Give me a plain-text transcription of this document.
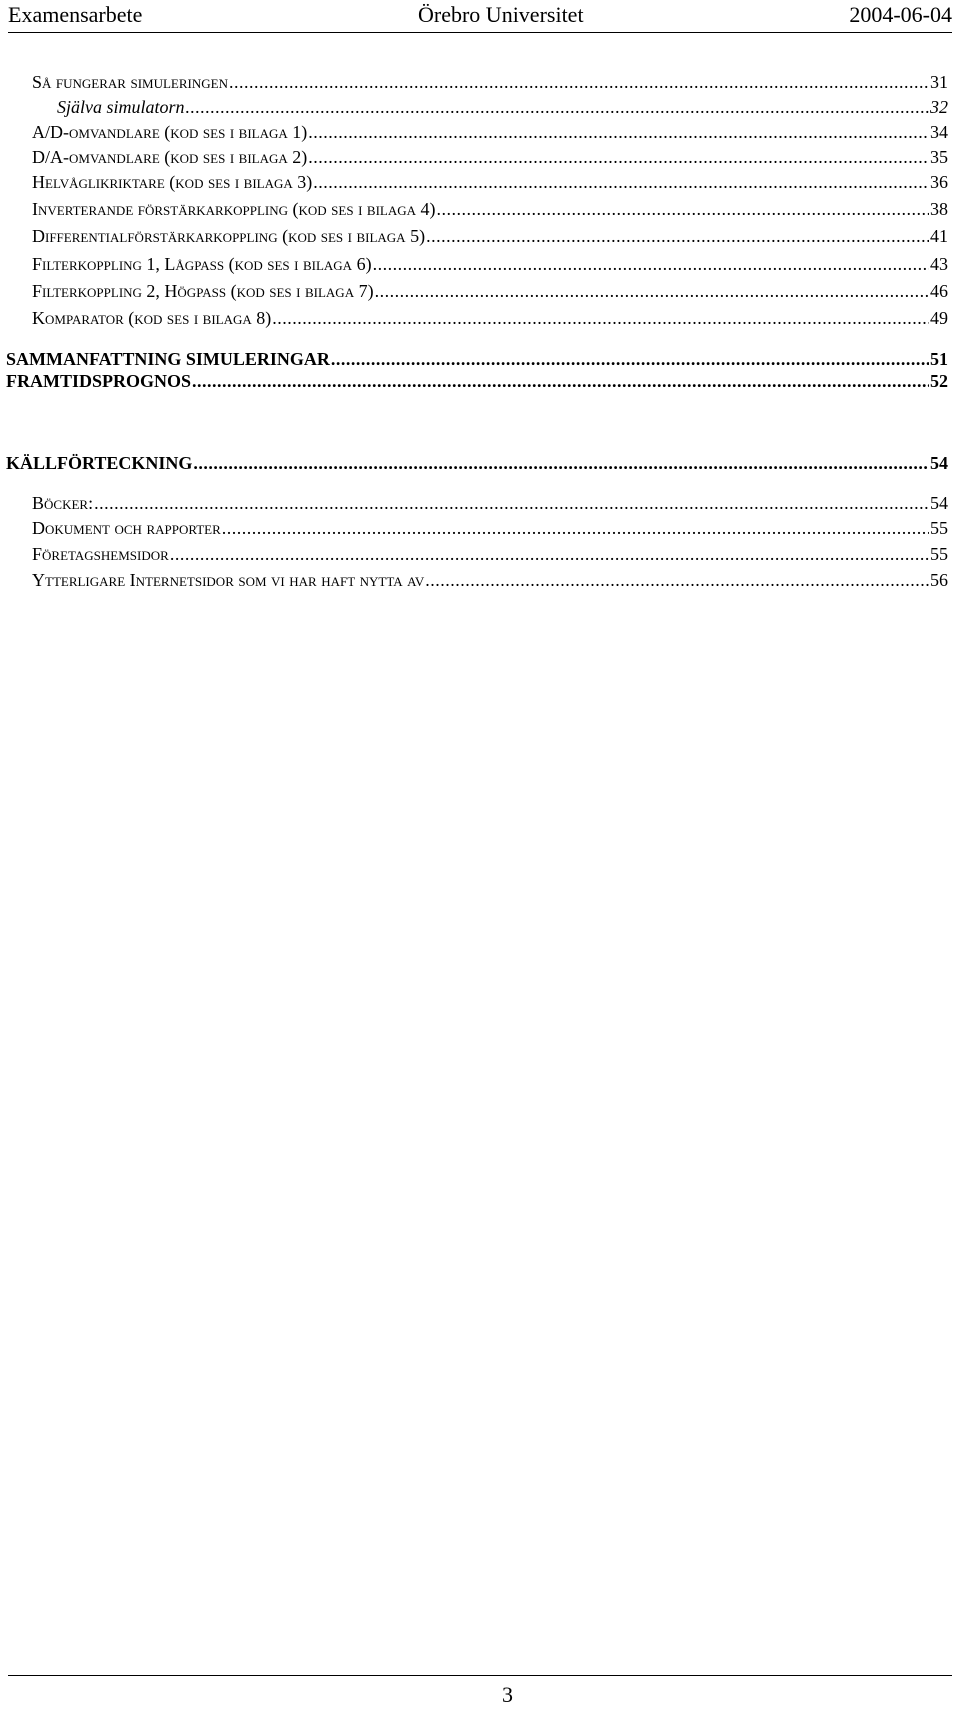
Examensarbete	Örebro Universitet	2004-06-04
Så fungerar simuleringen .....	31
Själva simulatorn .....	32
A/D-omvandlare (kod ses i bilaga 1) .....	34
D/A-omvandlare (kod ses i bilaga 2) .....	35
Helvåglikriktare (kod ses i bilaga 3) .....	36
Inverterande förstärkarkoppling (kod ses i bilaga 4) .....	38
Differentialförstärkarkoppling (kod ses i bilaga 5) .....	41
Filterkoppling 1, Lågpass (kod ses i bilaga 6) .....	43
Filterkoppling 2, Högpass (kod ses i bilaga 7) .....	46
Komparator (kod ses i bilaga 8) .....	49
SAMMANFATTNING SIMULERINGAR .....	51
FRAMTIDSPROGNOS .....	52
KÄLLFÖRTECKNING .....	54
Böcker: .....	54
Dokument och rapporter .....	55
Företagshemsidor .....	55
Ytterligare Internetsidor som vi har haft nytta av .....	56
3
